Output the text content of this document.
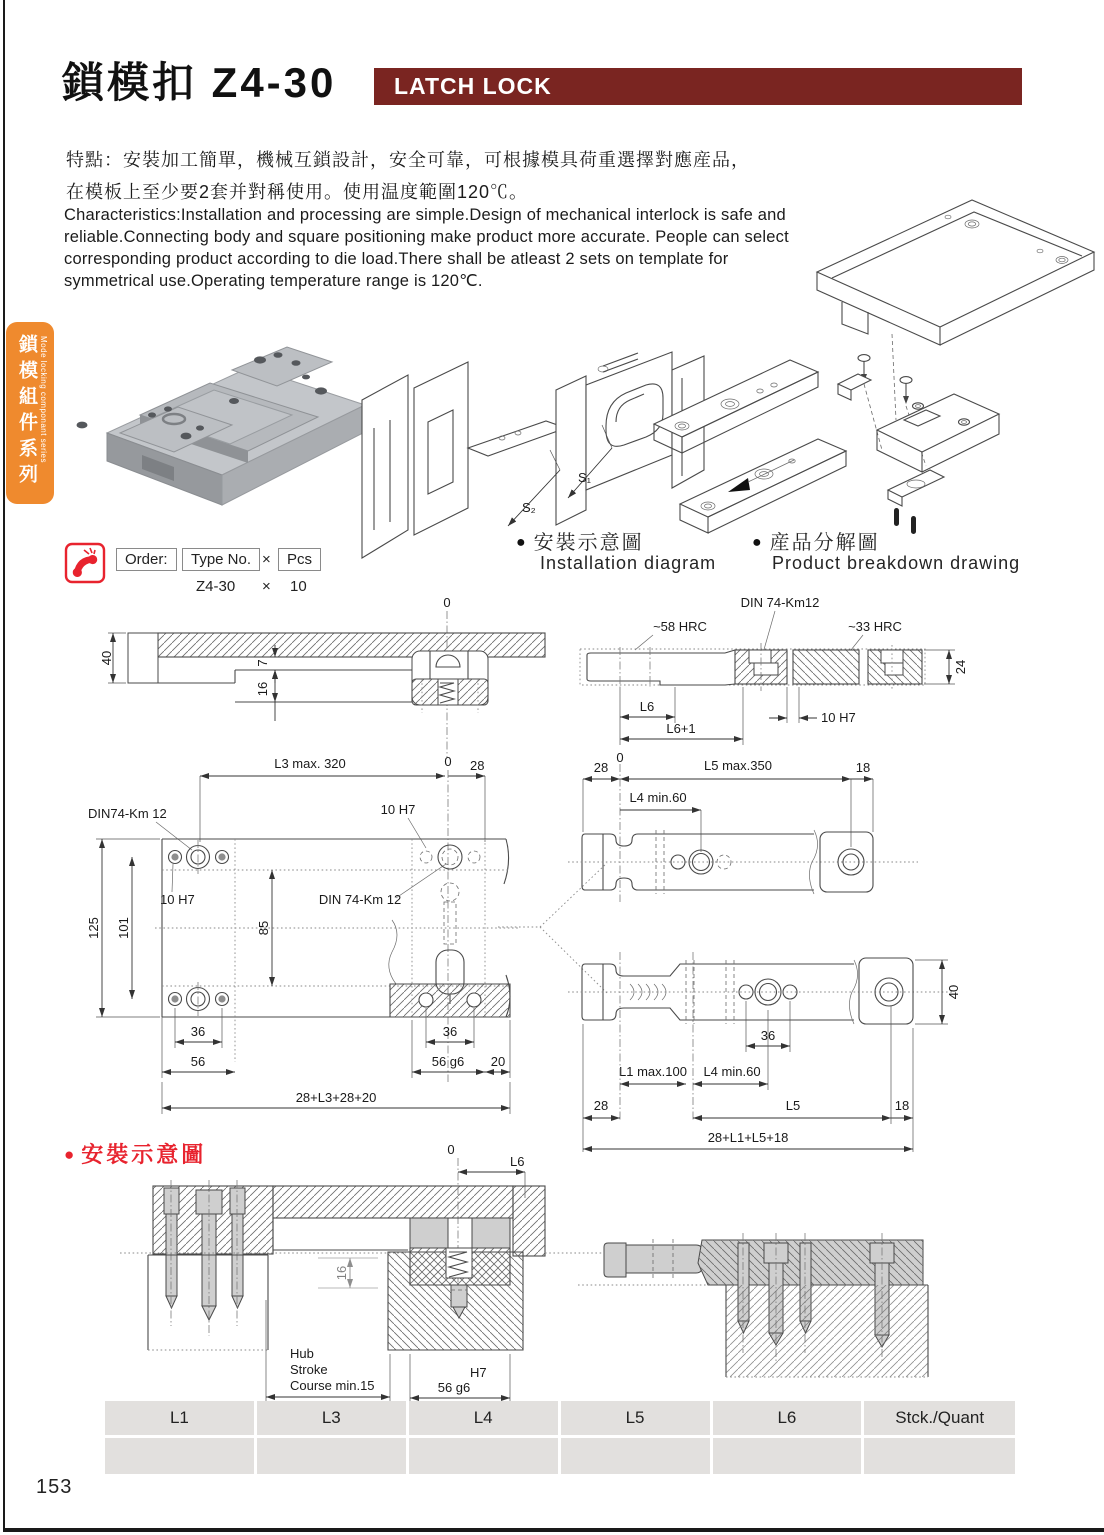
鎖模扣 Z4-30	LATCH LOCK
特點：安裝加工簡單，機械互鎖設計，安全可靠，可根據模具荷重選擇對應産品，
在模板上至少要2套并對稱使用。使用温度範圍120℃。
Characteristics:Installation and processing are simple.Design of mechanical interlock is safe and reliable.Connecting body and square positioning make product more accurate. People can select corresponding product according to die load.There shall be atleast 2 sets on template for symmetrical use.Operating temperature range is 120℃.
鎖模組件系列 Mode locking componant series
S₁
S₂
● 安裝示意圖
Installation diagram
● 産品分解圖
Product breakdown drawing
Order:	Type No. ×	Pcs
Z4-30 × 10
0
40	7
16
DIN 74-Km12
~58 HRC	~33 HRC
24
L6
L6+1
10 H7
L3 max. 320	0 28
DIN74-Km 12	10 H7
10 H7	DIN 74-Km 12
125 101	85
36
56
36
56 g6 20
28+L3+28+20
28
0
L5 max.350	18
L4 min.60
40
36
L1 max.100 L4 min.60
28	L5	18
28+L1+L5+18
● 安裝示意圖	0
L6
16
Hub
Stroke
Course min.15
H7
56 g6
L1	L3	L4	L5	L6	Stck./Quant

153
